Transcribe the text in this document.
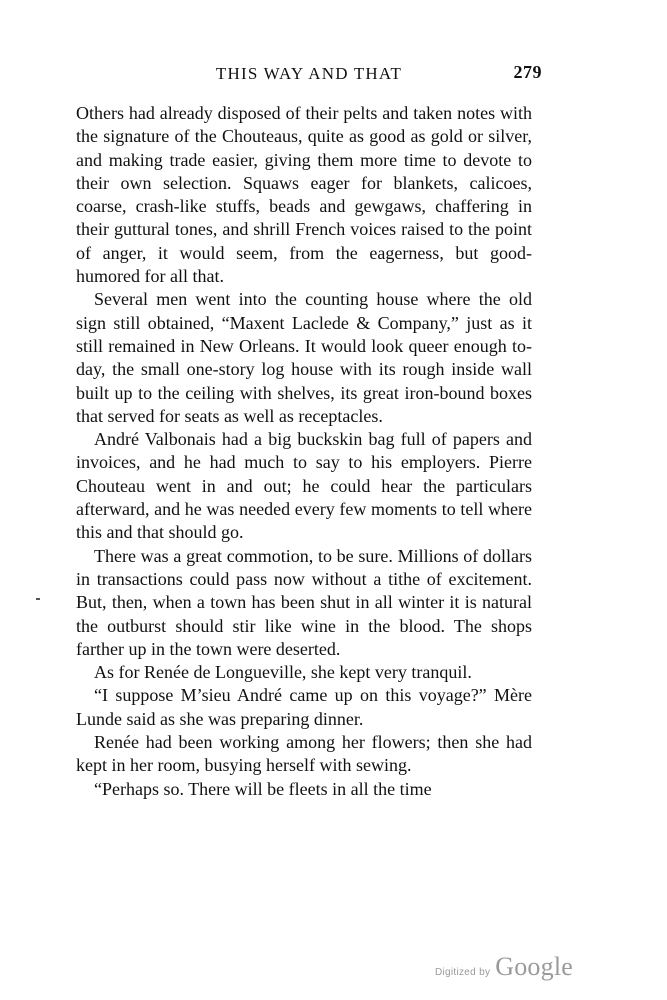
THIS WAY AND THAT	279

Others had already disposed of their pelts and taken notes with the signature of the Chouteaus, quite as good as gold or silver, and making trade easier, giving them more time to devote to their own selection. Squaws eager for blankets, calicoes, coarse, crash-like stuffs, beads and gewgaws, chaffering in their guttural tones, and shrill French voices raised to the point of anger, it would seem, from the eagerness, but good-humored for all that.

Several men went into the counting house where the old sign still obtained, “Maxent Laclede & Company,” just as it still remained in New Orleans. It would look queer enough to-day, the small one-story log house with its rough inside wall built up to the ceiling with shelves, its great iron-bound boxes that served for seats as well as receptacles.

André Valbonais had a big buckskin bag full of papers and invoices, and he had much to say to his employers. Pierre Chouteau went in and out; he could hear the particulars afterward, and he was needed every few moments to tell where this and that should go.

There was a great commotion, to be sure. Millions of dollars in transactions could pass now without a tithe of excitement. But, then, when a town has been shut in all winter it is natural the outburst should stir like wine in the blood. The shops farther up in the town were deserted.

As for Renée de Longueville, she kept very tranquil.

“I suppose M’sieu André came up on this voyage?” Mère Lunde said as she was preparing dinner.

Renée had been working among her flowers; then she had kept in her room, busying herself with sewing.

“Perhaps so. There will be fleets in all the time

Digitized by Google
